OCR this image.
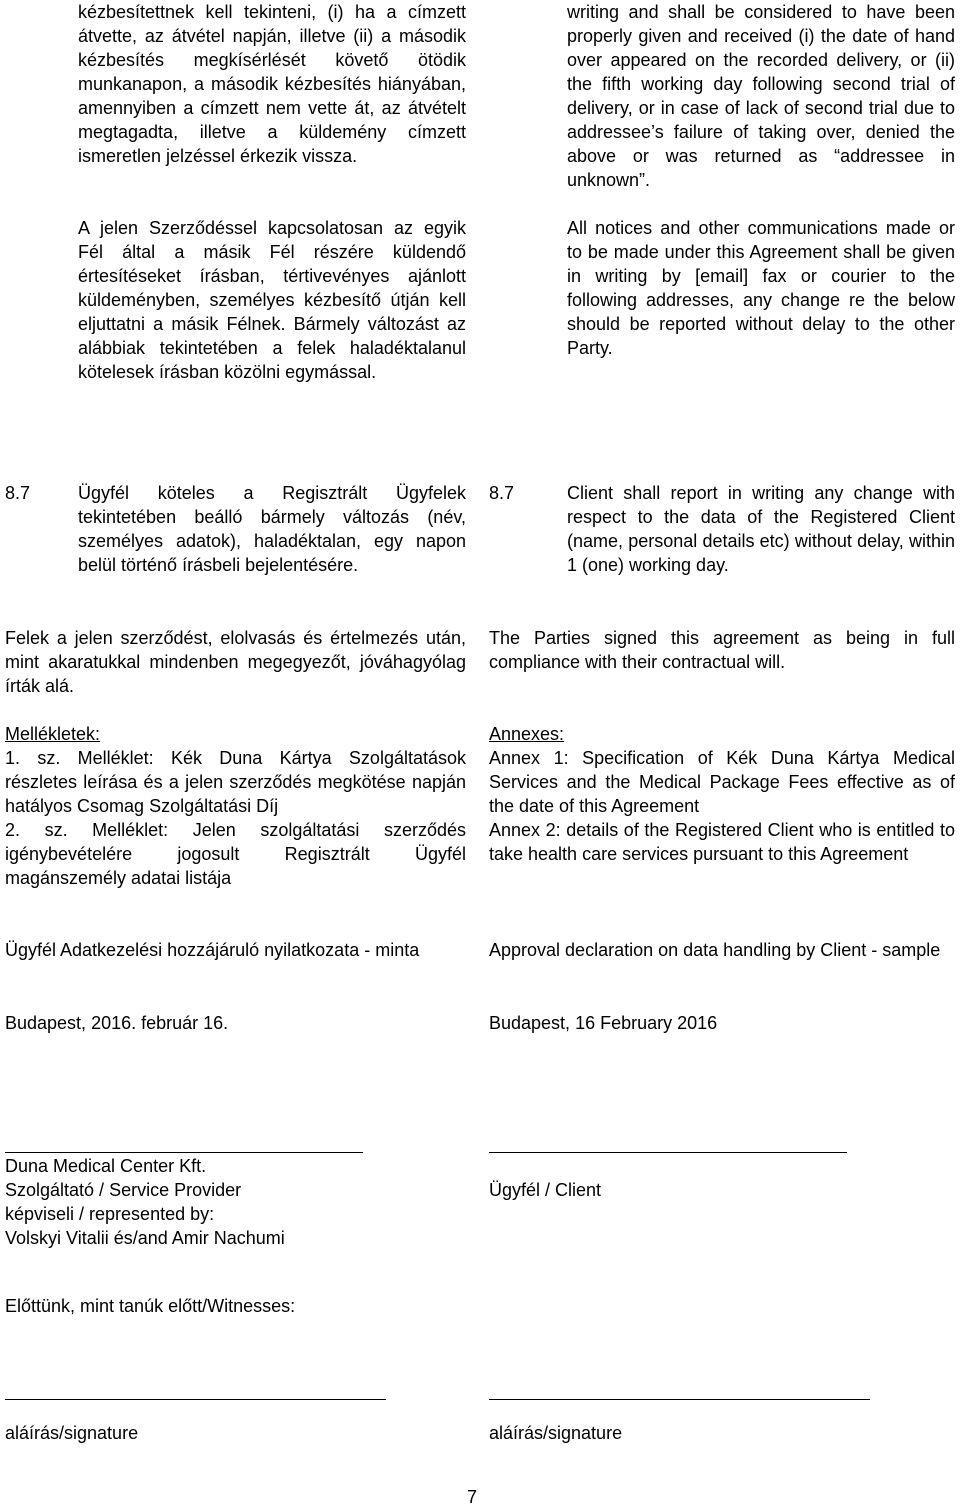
kézbesítettnek kell tekinteni, (i) ha a címzett átvette, az átvétel napján, illetve (ii) a második kézbesítés megkísérlését követő ötödik munkanapon, a második kézbesítés hiányában, amennyiben a címzett nem vette át, az átvételt megtagadta, illetve a küldemény címzett ismeretlen jelzéssel érkezik vissza.

A jelen Szerződéssel kapcsolatosan az egyik Fél által a másik Fél részére küldendő értesítéseket írásban, tértivevényes ajánlott küldeményben, személyes kézbesítő útján kell eljuttatni a másik Félnek. Bármely változást az alábbiak tekintetében a felek haladéktalanul kötelesek írásban közölni egymással.

writing and shall be considered to have been properly given and received (i) the date of hand over appeared on the recorded delivery, or (ii) the fifth working day following second trial of delivery, or in case of lack of second trial due to addressee’s failure of taking over, denied the above or was returned as “addressee in unknown”.

All notices and other communications made or to be made under this Agreement shall be given in writing by [email] fax or courier to the following addresses, any change re the below should be reported without delay to the other Party.

8.7	Ügyfél köteles a Regisztrált Ügyfelek tekintetében beálló bármely változás (név, személyes adatok), haladéktalan, egy napon belül történő írásbeli bejelentésére.

8.7	Client shall report in writing any change with respect to the data of the Registered Client (name, personal details etc) without delay, within 1 (one) working day.

Felek a jelen szerződést, elolvasás és értelmezés után, mint akaratukkal mindenben megegyezőt, jóváhagyólag írták alá.

The Parties signed this agreement as being in full compliance with their contractual will.

Mellékletek:

1. sz. Melléklet: Kék Duna Kártya Szolgáltatások részletes leírása és a jelen szerződés megkötése napján hatályos Csomag Szolgáltatási Díj

2. sz. Melléklet: Jelen szolgáltatási szerződés igénybevételére jogosult Regisztrált Ügyfél magánszemély adatai listája

Annexes:

Annex 1: Specification of Kék Duna Kártya Medical Services and the Medical Package Fees effective as of the date of this Agreement

Annex 2: details of the Registered Client who is entitled to take health care services pursuant to this Agreement

Ügyfél Adatkezelési hozzájáruló nyilatkozata - minta	Approval declaration on data handling by Client - sample

Budapest, 2016. február 16.	Budapest, 16 February 2016

Duna Medical Center Kft.
Szolgáltató / Service Provider
képviseli / represented by:
Volskyi Vitalii és/and Amir Nachumi

Ügyfél / Client

Előttünk, mint tanúk előtt/Witnesses:

aláírás/signature	aláírás/signature

7
